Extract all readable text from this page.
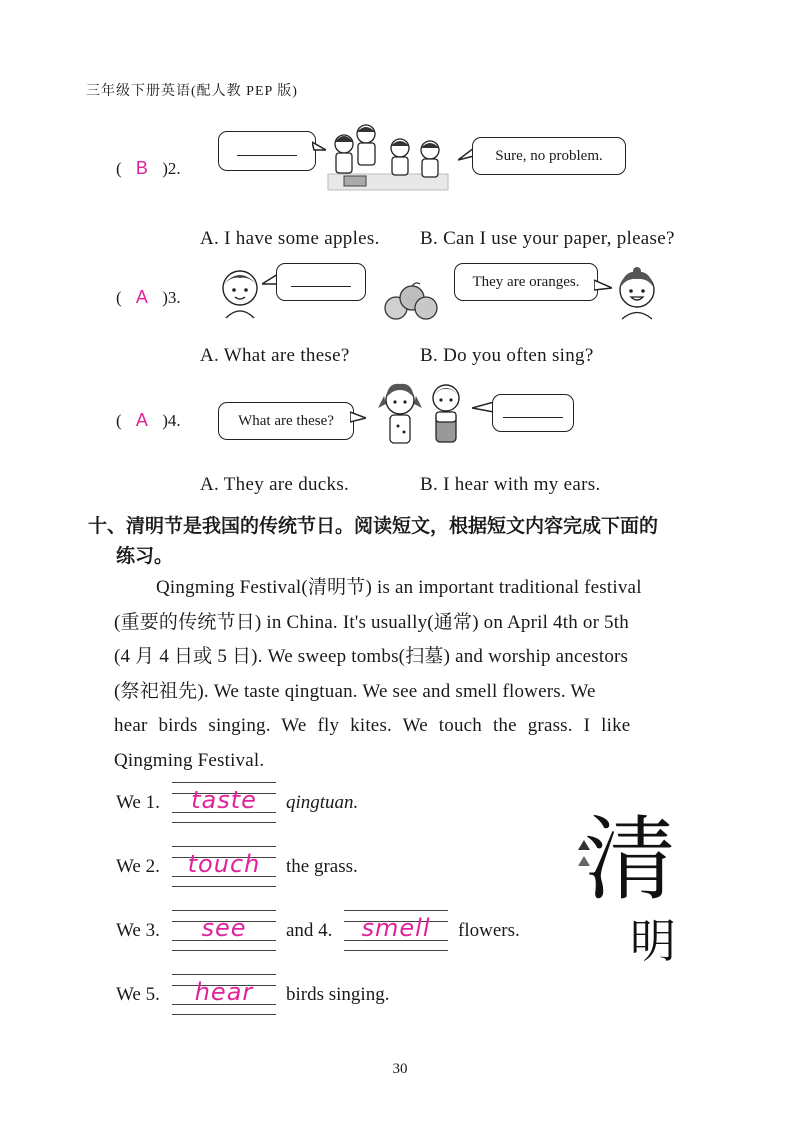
三年级下册英语(配人教 PEP 版)
( B )2.
Sure, no problem.
A. I have some apples. B. Can I use your paper, please?
( A )3.
They are oranges.
A. What are these?	B. Do you often sing?
( A )4.	What are these?
A. They are ducks.	B. I hear with my ears.
十、清明节是我国的传统节日。阅读短文，根据短文内容完成下面的
练习。
Qingming Festival(清明节) is an important traditional festival
(重要的传统节日) in China. It's usually(通常) on April 4th or 5th
(4 月 4 日或 5 日). We sweep tombs(扫墓) and worship ancestors
(祭祀祖先). We taste qingtuan. We see and smell flowers. We
hear birds singing. We fly kites. We touch the grass. I like
Qingming Festival.
We 1.	taste	qingtuan.
We 2.	touch	the grass.
We 3.	see	and 4.	smell	flowers.
We 5.	hear	birds singing.
清
明
30
